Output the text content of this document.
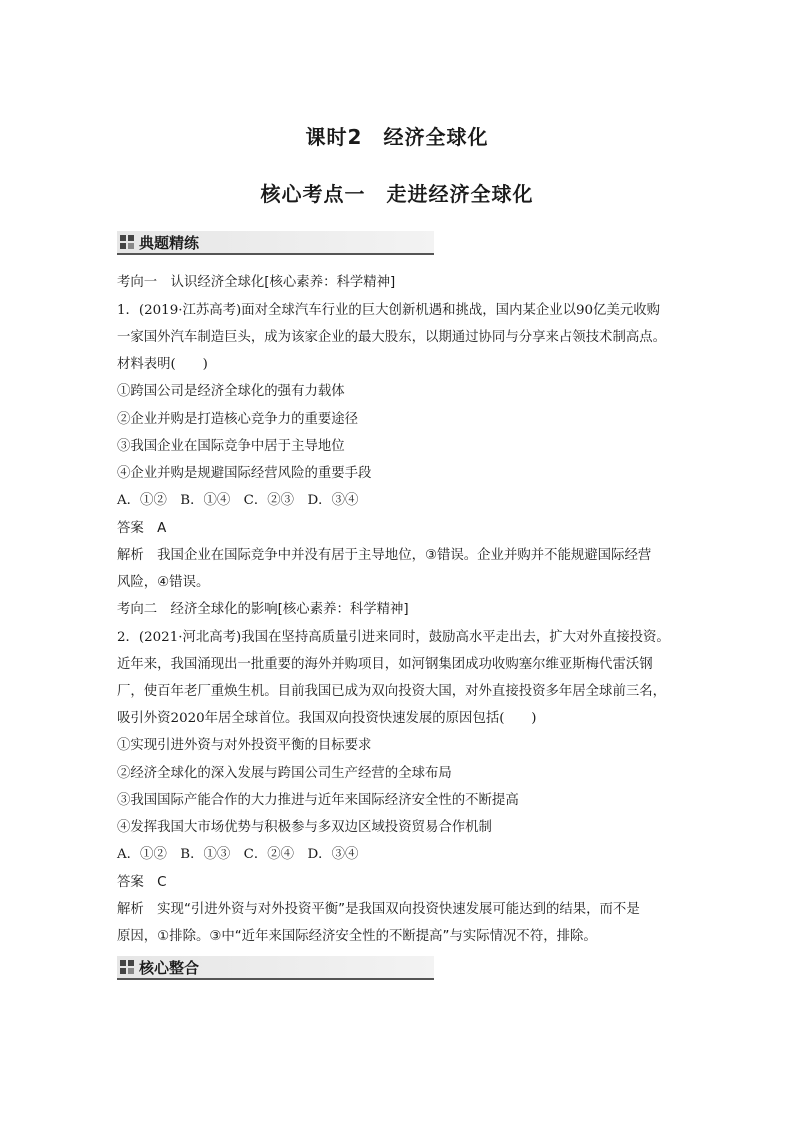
课时2　经济全球化
核心考点一　走进经济全球化
典题精练
考向一　认识经济全球化[核心素养：科学精神]
1．(2019·江苏高考)面对全球汽车行业的巨大创新机遇和挑战，国内某企业以90亿美元收购
一家国外汽车制造巨头，成为该家企业的最大股东，以期通过协同与分享来占领技术制高点。
材料表明(　　)
①跨国公司是经济全球化的强有力载体
②企业并购是打造核心竞争力的重要途径
③我国企业在国际竞争中居于主导地位
④企业并购是规避国际经营风险的重要手段
A．①②　B．①④　C．②③　D．③④
答案　A
解析　我国企业在国际竞争中并没有居于主导地位，③错误。企业并购并不能规避国际经营
风险，④错误。
考向二　经济全球化的影响[核心素养：科学精神]
2．(2021·河北高考)我国在坚持高质量引进来同时，鼓励高水平走出去，扩大对外直接投资。
近年来，我国涌现出一批重要的海外并购项目，如河钢集团成功收购塞尔维亚斯梅代雷沃钢
厂，使百年老厂重焕生机。目前我国已成为双向投资大国，对外直接投资多年居全球前三名，
吸引外资2020年居全球首位。我国双向投资快速发展的原因包括(　　)
①实现引进外资与对外投资平衡的目标要求
②经济全球化的深入发展与跨国公司生产经营的全球布局
③我国国际产能合作的大力推进与近年来国际经济安全性的不断提高
④发挥我国大市场优势与积极参与多双边区域投资贸易合作机制
A．①②　B．①③　C．②④　D．③④
答案　C
解析　实现“引进外资与对外投资平衡”是我国双向投资快速发展可能达到的结果，而不是
原因，①排除。③中“近年来国际经济安全性的不断提高”与实际情况不符，排除。
核心整合
